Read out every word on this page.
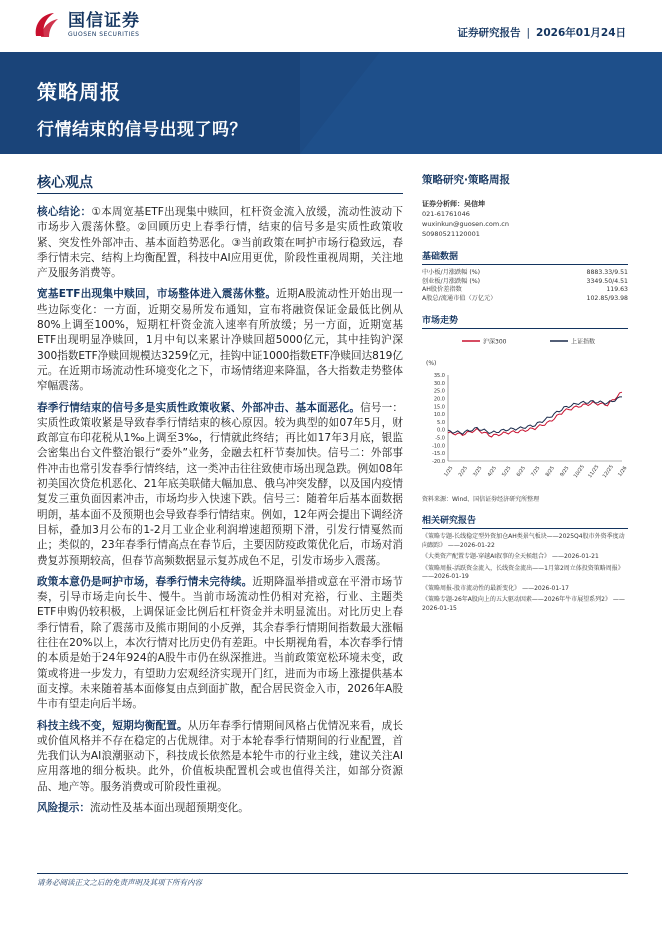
国信证券
GUOSEN SECURITIES	证券研究报告 | 2026年01月24日
策略周报
行情结束的信号出现了吗？
核心观点

核心结论：①本周宽基ETF出现集中赎回，杠杆资金流入放缓，流动性波动下市场步入震荡休整。②回顾历史上春季行情，结束的信号多是实质性政策收紧、突发性外部冲击、基本面趋势恶化。③当前政策在呵护市场行稳致远，春季行情未完、结构上均衡配置，科技中AI应用更优，阶段性重视周期，关注地产及服务消费等。

宽基ETF出现集中赎回，市场整体进入震荡休整。近期A股流动性开始出现一些边际变化：一方面，近期交易所发布通知，宣布将融资保证金最低比例从80%上调至100%，短期杠杆资金流入速率有所放缓；另一方面，近期宽基ETF出现明显净赎回，1月中旬以来累计净赎回超5000亿元，其中挂钩沪深300指数ETF净赎回规模达3259亿元，挂钩中证1000指数ETF净赎回达819亿元。在近期市场流动性环境变化之下，市场情绪迎来降温，各大指数走势整体窄幅震荡。

春季行情结束的信号多是实质性政策收紧、外部冲击、基本面恶化。信号一：实质性政策收紧是导致春季行情结束的核心原因。较为典型的如07年5月，财政部宣布印花税从1‰上调至3‰，行情就此终结；再比如17年3月底，银监会密集出台文件整治银行“委外”业务，金融去杠杆节奏加快。信号二：外部事件冲击也常引发春季行情终结，这一类冲击往往致使市场出现急跌。例如08年初美国次贷危机恶化、21年底美联储大幅加息、俄乌冲突发酵，以及国内疫情复发三重负面因素冲击，市场均步入快速下跌。信号三：随着年后基本面数据明朗，基本面不及预期也会导致春季行情结束。例如，12年两会提出下调经济目标，叠加3月公布的1-2月工业企业利润增速超预期下滑，引发行情戛然而止；类似的，23年春季行情高点在春节后，主要因防疫政策优化后，市场对消费复苏预期较高，但春节高频数据显示复苏成色不足，引发市场步入震荡。

政策本意仍是呵护市场，春季行情未完待续。近期降温举措或意在平滑市场节奏，引导市场走向长牛、慢牛。当前市场流动性仍相对充裕，行业、主题类ETF申购仍较积极，上调保证金比例后杠杆资金并未明显流出。对比历史上春季行情看，除了震荡市及熊市期间的小反弹，其余春季行情期间指数最大涨幅往往在20%以上，本次行情对比历史仍有差距。中长期视角看，本次春季行情的本质是始于24年924的A股牛市仍在纵深推进。当前政策宽松环境未变，政策或将进一步发力，有望助力宏观经济实现开门红，进而为市场上涨提供基本面支撑。未来随着基本面修复由点到面扩散，配合居民资金入市，2026年A股牛市有望走向后半场。

科技主线不变，短期均衡配置。从历年春季行情期间风格占优情况来看，成长或价值风格并不存在稳定的占优规律。对于本轮春季行情期间的行业配置，首先我们认为AI浪潮驱动下，科技成长依然是本轮牛市的行业主线，建议关注AI应用落地的细分板块。此外，价值板块配置机会或也值得关注，如部分资源品、地产等。服务消费或可阶段性重视。

风险提示：流动性及基本面出现超预期变化。

策略研究·策略周报
证券分析师：吴信坤
021-61761046
wuxinkun@guosen.com.cn
S0980521120001
基础数据
中小板/月涨跌幅 (%)	8883.33/9.51
创业板/月涨跌幅 (%)	3349.50/4.51
AH股价差指数	119.63
A股总/流通市值（万亿元）	102.85/93.98
市场走势
沪深300	上证指数
(%)
35.0
30.0
25.0
20.0
15.0
10.0
5.0
0.0
-5.0
-10.0
-15.0
-20.0
1/25 2/25 3/25 4/25 5/25 6/25 7/25 8/25 9/25 10/25 11/25 12/25 1/26
资料来源：Wind、国信证券经济研究所整理
相关研究报告
《策略专题-长线稳定型外资加仓AH类景气板块——2025Q4股市外资季度动向跟踪》 ——2026-01-22
《大类资产配置专题-穿越AI叙事的全天候组合》 ——2026-01-21
《策略周报-活跃资金流入，长线资金流出——1月第2周立体投资策略周报》 ——2026-01-19
《策略周报-股市流动性的最新变化》 ——2026-01-17
《策略专题-26年A股向上的五大驱动因素——2026年牛市展望系列2》 ——2026-01-15
请务必阅读正文之后的免责声明及其项下所有内容
